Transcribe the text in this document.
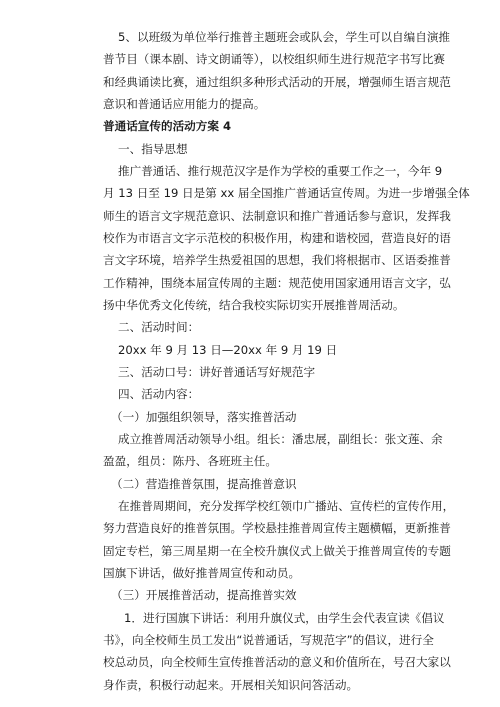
5、以班级为单位举行推普主题班会或队会，学生可以自编自演推
普节目（课本剧、诗文朗诵等），以校组织师生进行规范字书写比赛
和经典诵读比赛，通过组织多种形式活动的开展，增强师生语言规范
意识和普通话应用能力的提高。
普通话宣传的活动方案 4
一、指导思想
推广普通话、推行规范汉字是作为学校的重要工作之一，今年 9
月 13 日至 19 日是第 xx 届全国推广普通话宣传周。为进一步增强全体
师生的语言文字规范意识、法制意识和推广普通话参与意识，发挥我
校作为市语言文字示范校的积极作用，构建和谐校园，营造良好的语
言文字环境，培养学生热爱祖国的思想，我们将根据市、区语委推普
工作精神，围绕本届宣传周的主题：规范使用国家通用语言文字，弘
扬中华优秀文化传统，结合我校实际切实开展推普周活动。
二、活动时间：
20xx 年 9 月 13 日—20xx 年 9 月 19 日
三、活动口号：讲好普通话写好规范字
四、活动内容：
（一）加强组织领导，落实推普活动
成立推普周活动领导小组。组长：潘忠展，副组长：张文莲、余
盈盈，组员：陈丹、各班班主任。
（二）营造推普氛围，提高推普意识
在推普周期间，充分发挥学校红领巾广播站、宣传栏的宣传作用，
努力营造良好的推普氛围。学校悬挂推普周宣传主题横幅，更新推普
固定专栏，第三周星期一在全校升旗仪式上做关于推普周宣传的专题
国旗下讲话，做好推普周宣传和动员。
（三）开展推普活动，提高推普实效
1．进行国旗下讲话：利用升旗仪式，由学生会代表宣读《倡议
书》，向全校师生员工发出“说普通话，写规范字”的倡议，进行全
校总动员，向全校师生宣传推普活动的意义和价值所在，号召大家以
身作责，积极行动起来。开展相关知识问答活动。
